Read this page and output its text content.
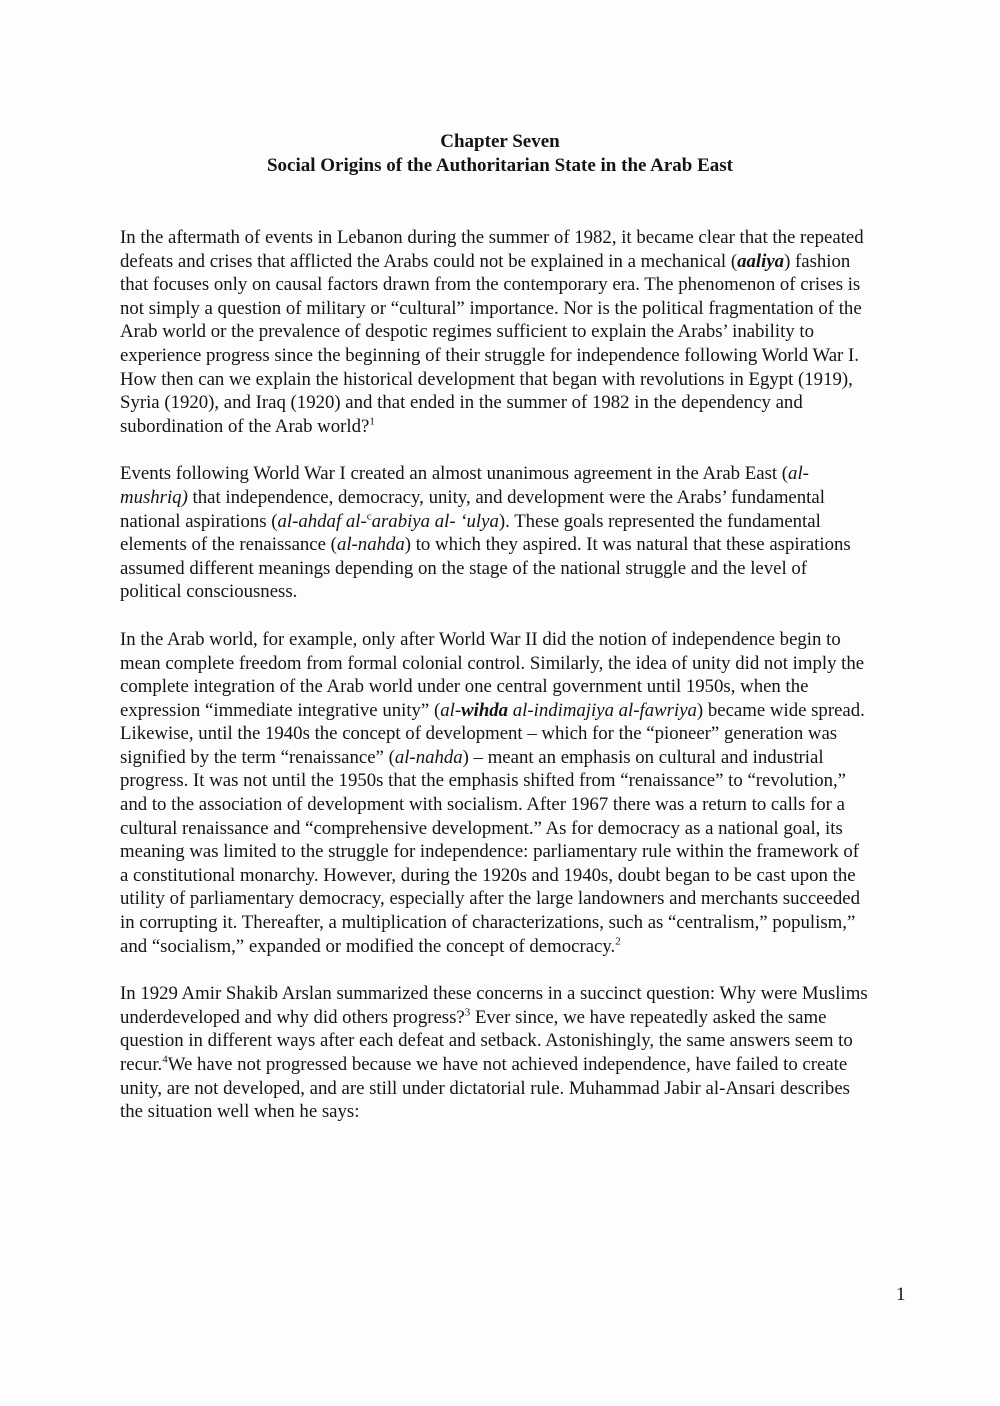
Chapter Seven
Social Origins of the Authoritarian State in the Arab East

In the aftermath of events in Lebanon during the summer of 1982, it became clear that the repeated defeats and crises that afflicted the Arabs could not be explained in a mechanical (aaliya) fashion that focuses only on causal factors drawn from the contemporary era. The phenomenon of crises is not simply a question of military or “cultural” importance. Nor is the political fragmentation of the Arab world or the prevalence of despotic regimes sufficient to explain the Arabs’ inability to experience progress since the beginning of their struggle for independence following World War I. How then can we explain the historical development that began with revolutions in Egypt (1919), Syria (1920), and Iraq (1920) and that ended in the summer of 1982 in the dependency and subordination of the Arab world?$^1$

Events following World War I created an almost unanimous agreement in the Arab East (al-mushriq) that independence, democracy, unity, and development were the Arabs’ fundamental national aspirations (al-ahdaf al-$^c$arabiya al- ‘ulya). These goals represented the fundamental elements of the renaissance (al-nahda) to which they aspired. It was natural that these aspirations assumed different meanings depending on the stage of the national struggle and the level of political consciousness.

In the Arab world, for example, only after World War II did the notion of independence begin to mean complete freedom from formal colonial control. Similarly, the idea of unity did not imply the complete integration of the Arab world under one central government until 1950s, when the expression “immediate integrative unity” (al-wihda al-indimajiya al-fawriya) became wide spread. Likewise, until the 1940s the concept of development – which for the “pioneer” generation was signified by the term “renaissance” (al-nahda) – meant an emphasis on cultural and industrial progress. It was not until the 1950s that the emphasis shifted from “renaissance” to “revolution,” and to the association of development with socialism. After 1967 there was a return to calls for a cultural renaissance and “comprehensive development.” As for democracy as a national goal, its meaning was limited to the struggle for independence: parliamentary rule within the framework of a constitutional monarchy. However, during the 1920s and 1940s, doubt began to be cast upon the utility of parliamentary democracy, especially after the large landowners and merchants succeeded in corrupting it. Thereafter, a multiplication of characterizations, such as “centralism,” populism,” and “socialism,” expanded or modified the concept of democracy.$^2$

In 1929 Amir Shakib Arslan summarized these concerns in a succinct question: Why were Muslims underdeveloped and why did others progress?$^3$ Ever since, we have repeatedly asked the same question in different ways after each defeat and setback. Astonishingly, the same answers seem to recur.$^4$We have not progressed because we have not achieved independence, have failed to create unity, are not developed, and are still under dictatorial rule. Muhammad Jabir al-Ansari describes the situation well when he says:

1
